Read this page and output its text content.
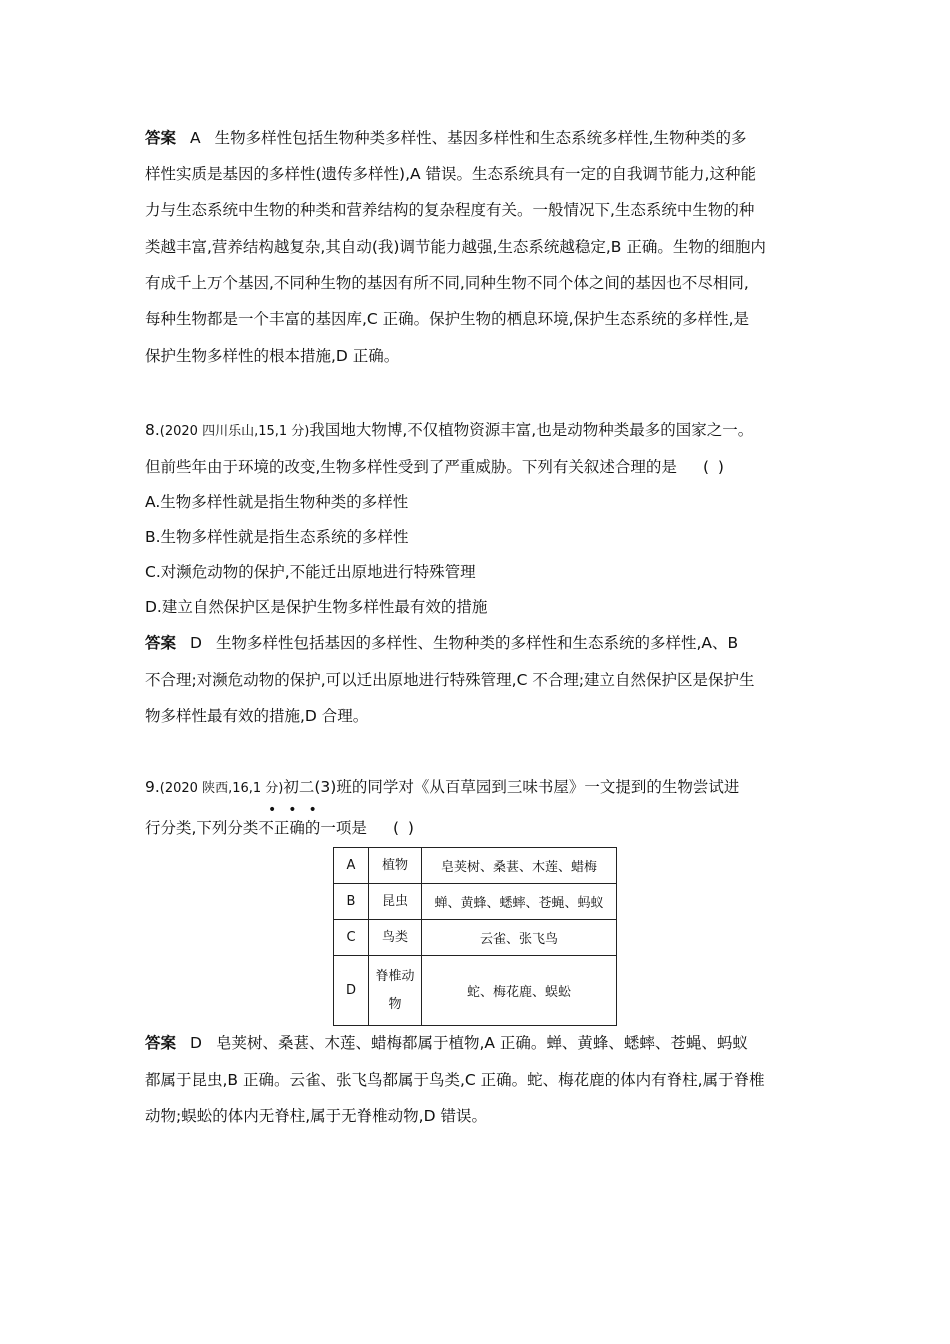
答案 A 生物多样性包括生物种类多样性、基因多样性和生态系统多样性,生物种类的多
样性实质是基因的多样性(遗传多样性),A 错误。生态系统具有一定的自我调节能力,这种能
力与生态系统中生物的种类和营养结构的复杂程度有关。一般情况下,生态系统中生物的种
类越丰富,营养结构越复杂,其自动(我)调节能力越强,生态系统越稳定,B 正确。生物的细胞内
有成千上万个基因,不同种生物的基因有所不同,同种生物不同个体之间的基因也不尽相同,
每种生物都是一个丰富的基因库,C 正确。保护生物的栖息环境,保护生态系统的多样性,是
保护生物多样性的根本措施,D 正确。
8.(2020 四川乐山,15,1 分)我国地大物博,不仅植物资源丰富,也是动物种类最多的国家之一。
但前些年由于环境的改变,生物多样性受到了严重威胁。下列有关叙述合理的是 ( )
A.生物多样性就是指生物种类的多样性
B.生物多样性就是指生态系统的多样性
C.对濒危动物的保护,不能迁出原地进行特殊管理
D.建立自然保护区是保护生物多样性最有效的措施
答案 D 生物多样性包括基因的多样性、生物种类的多样性和生态系统的多样性,A、B
不合理;对濒危动物的保护,可以迁出原地进行特殊管理,C 不合理;建立自然保护区是保护生
物多样性最有效的措施,D 合理。
9.(2020 陕西,16,1 分)初二(3)班的同学对《从百草园到三味书屋》一文提到的生物尝试进
•••
行分类,下列分类不正确的一项是 ( )
A	植物	皂荚树、桑葚、木莲、蜡梅
B	昆虫	蝉、黄蜂、蟋蟀、苍蝇、蚂蚁
C	鸟类	云雀、张飞鸟
D	脊椎动物	蛇、梅花鹿、蜈蚣
答案 D 皂荚树、桑葚、木莲、蜡梅都属于植物,A 正确。蝉、黄蜂、蟋蟀、苍蝇、蚂蚁
都属于昆虫,B 正确。云雀、张飞鸟都属于鸟类,C 正确。蛇、梅花鹿的体内有脊柱,属于脊椎
动物;蜈蚣的体内无脊柱,属于无脊椎动物,D 错误。
